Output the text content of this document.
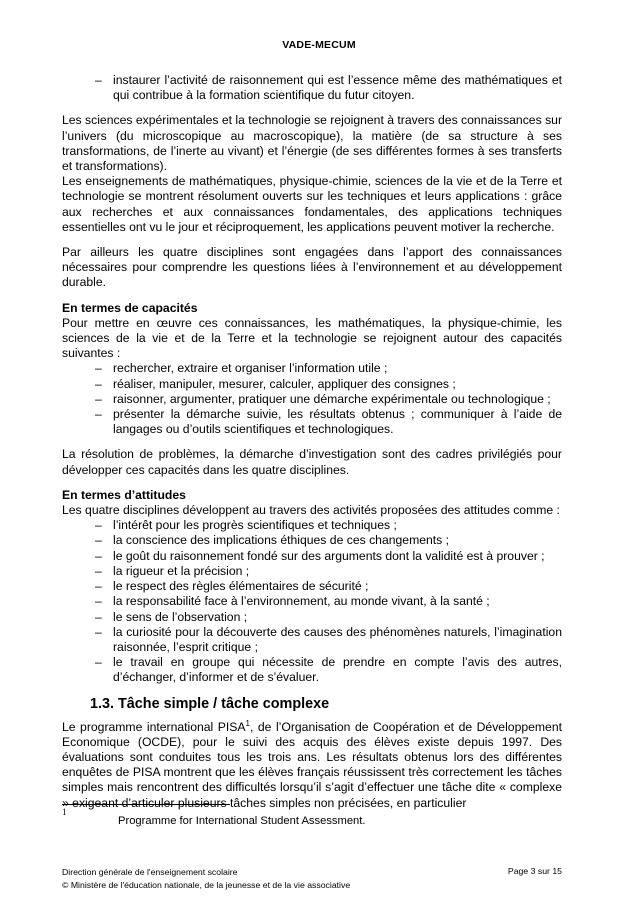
VADE-MECUM
– instaurer l’activité de raisonnement qui est l’essence même des mathématiques et qui contribue à la formation scientifique du futur citoyen.

Les sciences expérimentales et la technologie se rejoignent à travers des connaissances sur l’univers (du microscopique au macroscopique), la matière (de sa structure à ses transformations, de l’inerte au vivant) et l’énergie (de ses différentes formes à ses transferts et transformations).

Les enseignements de mathématiques, physique-chimie, sciences de la vie et de la Terre et technologie se montrent résolument ouverts sur les techniques et leurs applications : grâce aux recherches et aux connaissances fondamentales, des applications techniques essentielles ont vu le jour et réciproquement, les applications peuvent motiver la recherche.

Par ailleurs les quatre disciplines sont engagées dans l’apport des connaissances nécessaires pour comprendre les questions liées à l’environnement et au développement durable.

En termes de capacités

Pour mettre en œuvre ces connaissances, les mathématiques, la physique-chimie, les sciences de la vie et de la Terre et la technologie se rejoignent autour des capacités suivantes :

– rechercher, extraire et organiser l’information utile ;
– réaliser, manipuler, mesurer, calculer, appliquer des consignes ;
– raisonner, argumenter, pratiquer une démarche expérimentale ou technologique ;
– présenter la démarche suivie, les résultats obtenus ; communiquer à l’aide de langages ou d’outils scientifiques et technologiques.

La résolution de problèmes, la démarche d’investigation sont des cadres privilégiés pour développer ces capacités dans les quatre disciplines.

En termes d’attitudes

Les quatre disciplines développent au travers des activités proposées des attitudes comme :

– l’intérêt pour les progrès scientifiques et techniques ;
– la conscience des implications éthiques de ces changements ;
– le goût du raisonnement fondé sur des arguments dont la validité est à prouver ;
– la rigueur et la précision ;
– le respect des règles élémentaires de sécurité ;
– la responsabilité face à l’environnement, au monde vivant, à la santé ;
– le sens de l’observation ;
– la curiosité pour la découverte des causes des phénomènes naturels, l’imagination raisonnée, l’esprit critique ;
– le travail en groupe qui nécessite de prendre en compte l’avis des autres, d’échanger, d’informer et de s’évaluer.

1.3. Tâche simple / tâche complexe

Le programme international PISA$^1$, de l’Organisation de Coopération et de Développement Economique (OCDE), pour le suivi des acquis des élèves existe depuis 1997. Des évaluations sont conduites tous les trois ans. Les résultats obtenus lors des différentes enquêtes de PISA montrent que les élèves français réussissent très correctement les tâches simples mais rencontrent des difficultés lorsqu’il s’agit d’effectuer une tâche dite « complexe » exigeant d’articuler plusieurs tâches simples non précisées, en particulier

1
Programme for International Student Assessment.
Direction générale de l'enseignement scolaire
© Ministère de l'éducation nationale, de la jeunesse et de la vie associative
Page 3 sur 15
